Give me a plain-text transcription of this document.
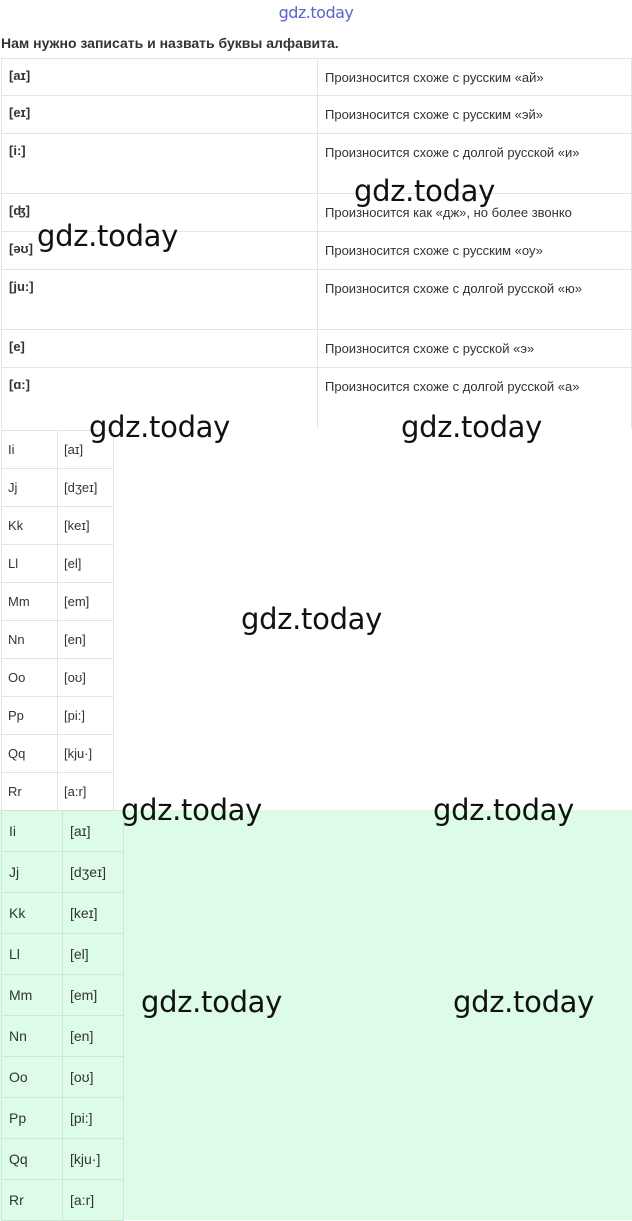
gdz.today
Нам нужно записать и назвать буквы алфавита.
[aɪ]	Произносится схоже с русским «ай»
[eɪ]	Произносится схоже с русским «эй»
[i:]	Произносится схоже с долгой русской «и»
[ʤ]	Произносится как «дж», но более звонко
[əʊ]	Произносится схоже с русским «оу»
[ju:]	Произносится схоже с долгой русской «ю»
[e]	Произносится схоже с русской «э»
[ɑ:]	Произносится схоже с долгой русской «а»
Ii	[aɪ]
Jj	[dʒeɪ]
Kk	[keɪ]
Ll	[el]
Mm	[em]
Nn	[en]
Oo	[oʊ]
Pp	[pi:]
Qq	[kju·]
Rr	[a:r]
Ii	[aɪ]
Jj	[dʒeɪ]
Kk	[keɪ]
Ll	[el]
Mm	[em]
Nn	[en]
Oo	[oʊ]
Pp	[pi:]
Qq	[kju·]
Rr	[a:r]
gdz.today
gdz.today
gdz.today	gdz.today
gdz.today
gdz.today	gdz.today
gdz.today	gdz.today
